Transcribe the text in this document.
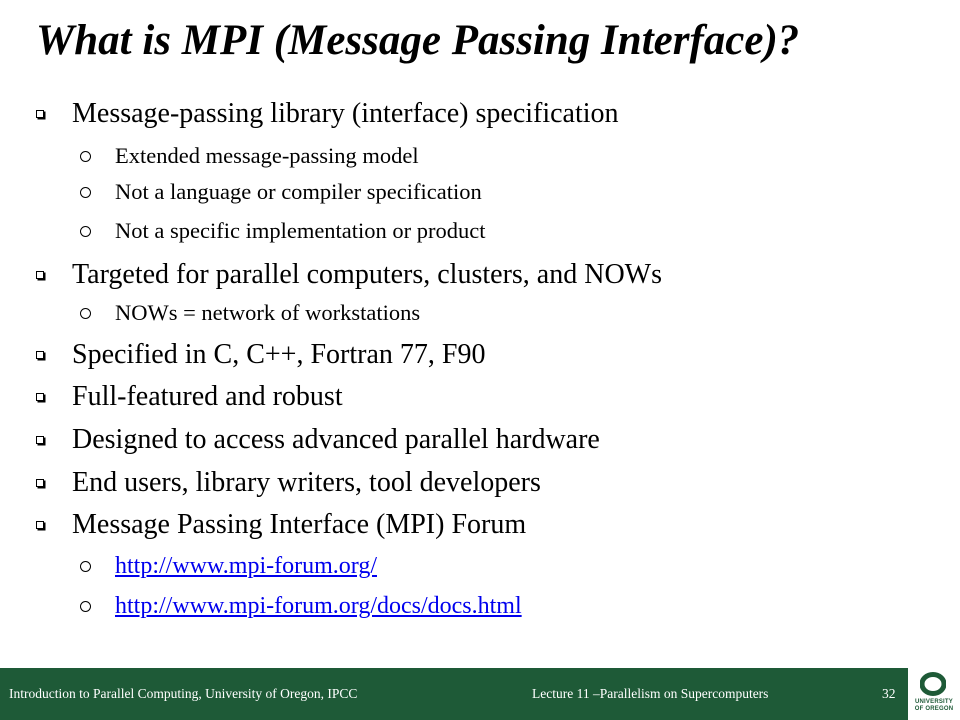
What is MPI (Message Passing Interface)?
Message-passing library (interface) specification
Extended message-passing model
Not a language or compiler specification
Not a specific implementation or product
Targeted for parallel computers, clusters, and NOWs
NOWs = network of workstations
Specified in C, C++, Fortran 77, F90
Full-featured and robust
Designed to access advanced parallel hardware
End users, library writers, tool developers
Message Passing Interface (MPI) Forum
http://www.mpi-forum.org/
http://www.mpi-forum.org/docs/docs.html
Introduction to Parallel Computing, University of Oregon, IPCC	Lecture 11 –Parallelism on Supercomputers	32
UNIVERSITY
OF OREGON
